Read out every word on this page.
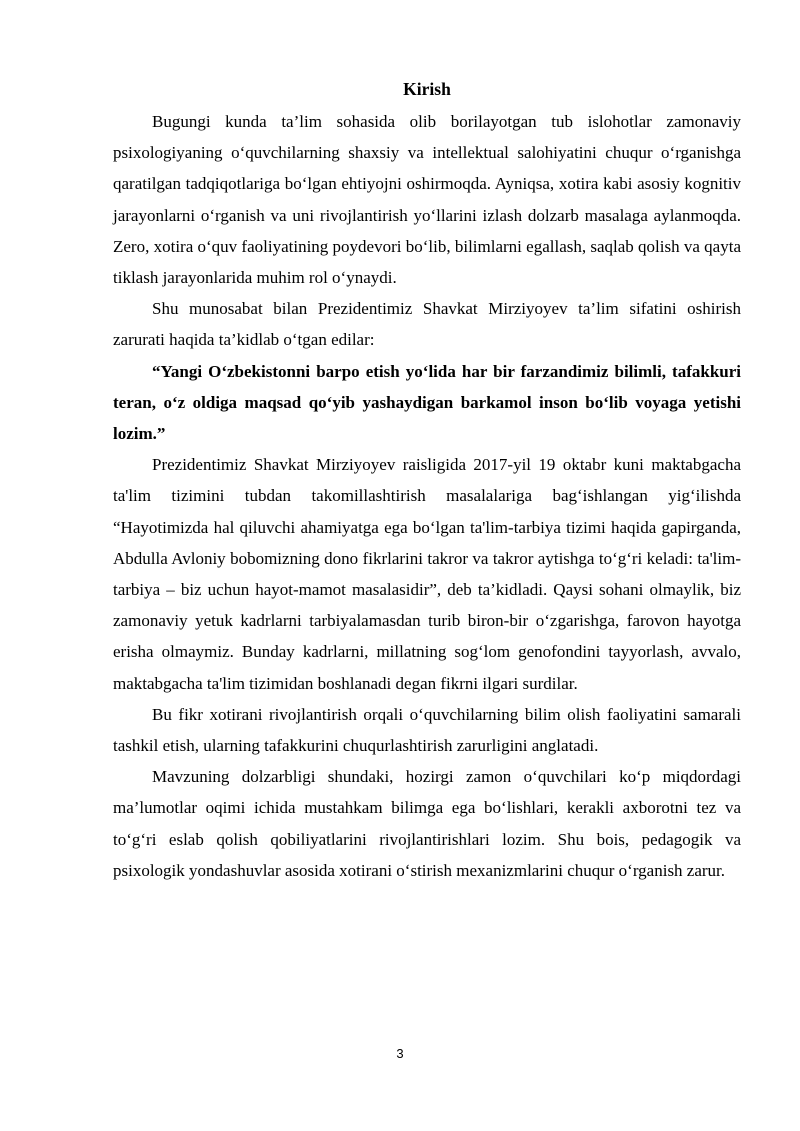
Kirish

Bugungi kunda ta’lim sohasida olib borilayotgan tub islohotlar zamonaviy psixologiyaning o‘quvchilarning shaxsiy va intellektual salohiyatini chuqur o‘rganishga qaratilgan tadqiqotlariga bo‘lgan ehtiyojni oshirmoqda. Ayniqsa, xotira kabi asosiy kognitiv jarayonlarni o‘rganish va uni rivojlantirish yo‘llarini izlash dolzarb masalaga aylanmoqda. Zero, xotira o‘quv faoliyatining poydevori bo‘lib, bilimlarni egallash, saqlab qolish va qayta tiklash jarayonlarida muhim rol o‘ynaydi.

Shu munosabat bilan Prezidentimiz Shavkat Mirziyoyev ta’lim sifatini oshirish zarurati haqida ta’kidlab o‘tgan edilar:

“Yangi O‘zbekistonni barpo etish yo‘lida har bir farzandimiz bilimli, tafakkuri teran, o‘z oldiga maqsad qo‘yib yashaydigan barkamol inson bo‘lib voyaga yetishi lozim.”

Prezidentimiz Shavkat Mirziyoyev raisligida 2017-yil 19 oktabr kuni maktabgacha ta'lim tizimini tubdan takomillashtirish masalalariga bag‘ishlangan yig‘ilishda “Hayotimizda hal qiluvchi ahamiyatga ega bo‘lgan ta'lim-tarbiya tizimi haqida gapirganda, Abdulla Avloniy bobomizning dono fikrlarini takror va takror aytishga to‘g‘ri keladi: ta'lim-tarbiya – biz uchun hayot-mamot masalasidir”, deb ta’kidladi. Qaysi sohani olmaylik, biz zamonaviy yetuk kadrlarni tarbiyalamasdan turib biron-bir o‘zgarishga, farovon hayotga erisha olmaymiz. Bunday kadrlarni, millatning sog‘lom genofondini tayyorlash, avvalo, maktabgacha ta'lim tizimidan boshlanadi degan fikrni ilgari surdilar.

Bu fikr xotirani rivojlantirish orqali o‘quvchilarning bilim olish faoliyatini samarali tashkil etish, ularning tafakkurini chuqurlashtirish zarurligini anglatadi.

Mavzuning dolzarbligi shundaki, hozirgi zamon o‘quvchilari ko‘p miqdordagi ma’lumotlar oqimi ichida mustahkam bilimga ega bo‘lishlari, kerakli axborotni tez va to‘g‘ri eslab qolish qobiliyatlarini rivojlantirishlari lozim. Shu bois, pedagogik va psixologik yondashuvlar asosida xotirani o‘stirish mexanizmlarini chuqur o‘rganish zarur.

3
